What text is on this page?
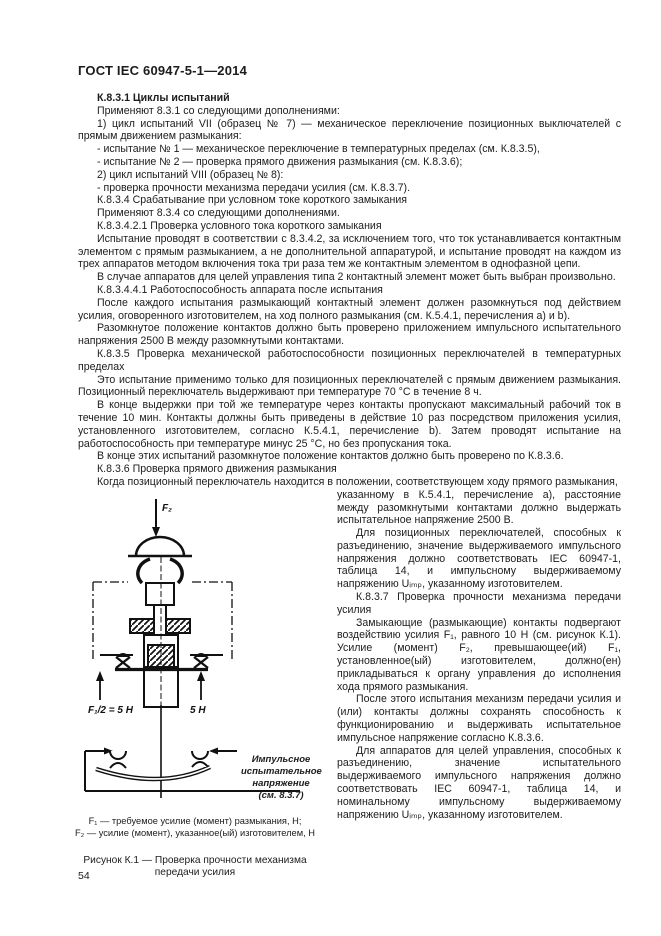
ГОСТ IEC 60947-5-1—2014

К.8.3.1 Циклы испытаний

Применяют 8.3.1 со следующими дополнениями:

1) цикл испытаний VII (образец № 7) — механическое переключение позиционных выключателей с прямым движением размыкания:

- испытание № 1 — механическое переключение в температурных пределах (см. К.8.3.5),

- испытание № 2 — проверка прямого движения размыкания (см. К.8.3.6);

2) цикл испытаний VIII (образец № 8):

- проверка прочности механизма передачи усилия (см. К.8.3.7).

К.8.3.4 Срабатывание при условном токе короткого замыкания

Применяют 8.3.4 со следующими дополнениями.

К.8.3.4.2.1 Проверка условного тока короткого замыкания

Испытание проводят в соответствии с 8.3.4.2, за исключением того, что ток устанавливается контактным элементом с прямым размыканием, а не дополнительной аппаратурой, и испытание проводят на каждом из трех аппаратов методом включения тока три раза тем же контактным элементом в однофазной цепи.

В случае аппаратов для целей управления типа 2 контактный элемент может быть выбран произвольно.

К.8.3.4.4.1 Работоспособность аппарата после испытания

После каждого испытания размыкающий контактный элемент должен разомкнуться под действием усилия, оговоренного изготовителем, на ход полного размыкания (см. К.5.4.1, перечисления а) и b).

Разомкнутое положение контактов должно быть проверено приложением импульсного испытательного напряжения 2500 В между разомкнутыми контактами.

К.8.3.5 Проверка механической работоспособности позиционных переключателей в температурных пределах

Это испытание применимо только для позиционных переключателей с прямым движением размыкания. Позиционный переключатель выдерживают при температуре 70 °С в течение 8 ч.

В конце выдержки при той же температуре через контакты пропускают максимальный рабочий ток в течение 10 мин. Контакты должны быть приведены в действие 10 раз посредством приложения усилия, установленного изготовителем, согласно К.5.4.1, перечисление b). Затем проводят испытание на работоспособность при температуре минус 25 °С, но без пропускания тока.

В конце этих испытаний разомкнутое положение контактов должно быть проверено по К.8.3.6.

К.8.3.6 Проверка прямого движения размыкания

Когда позиционный переключатель находится в положении, соответствующем ходу прямого размыкания,

F₂
F₁/2 = 5 Н	5 Н
Импульсное
испытательное
напряжение
(см. 8.3.7)
F₁ — требуемое усилие (момент) размыкания, Н;
F₂ — усилие (момент), указанное(ый) изготовителем, Н
Рисунок К.1 — Проверка прочности механизма
передачи усилия

указанному в К.5.4.1, перечисление а), расстояние между разомкнутыми контактами должно выдержать испытательное напряжение 2500 В.

Для позиционных переключателей, способных к разъединению, значение выдерживаемого импульсного напряжения должно соответствовать IEC 60947-1, таблица 14, и импульсному выдерживаемому напряжению Uᵢₘₚ, указанному изготовителем.

К.8.3.7 Проверка прочности механизма передачи усилия

Замыкающие (размыкающие) контакты подвергают воздействию усилия F₁, равного 10 Н (см. рисунок К.1). Усилие (момент) F₂, превышающее(ий) F₁, установленное(ый) изготовителем, должно(ен) прикладываться к органу управления до исполнения хода прямого размыкания.

После этого испытания механизм передачи усилия и (или) контакты должны сохранять способность к функционированию и выдерживать испытательное импульсное напряжение согласно К.8.3.6.

Для аппаратов для целей управления, способных к разъединению, значение испытательного выдерживаемого импульсного напряжения должно соответствовать IEC 60947-1, таблица 14, и номинальному импульсному выдерживаемому напряжению Uᵢₘₚ, указанному изготовителем.

54
